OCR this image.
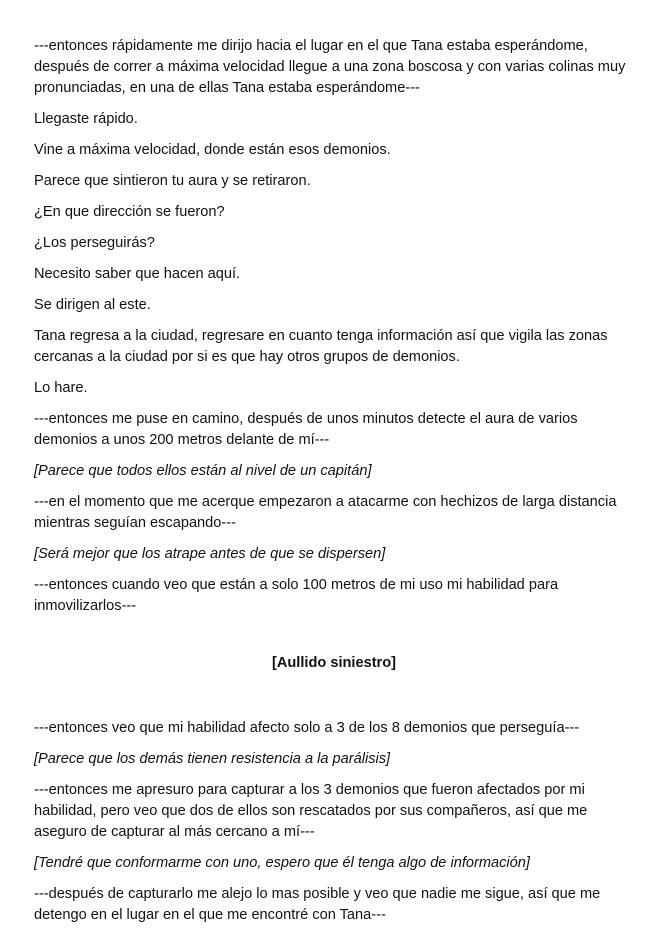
---entonces rápidamente me dirijo hacia el lugar en el que Tana estaba esperándome, después de correr a máxima velocidad llegue a una zona boscosa y con varias colinas muy pronunciadas, en una de ellas Tana estaba esperándome---

Llegaste rápido.

Vine a máxima velocidad, donde están esos demonios.

Parece que sintieron tu aura y se retiraron.

¿En que dirección se fueron?

¿Los perseguirás?

Necesito saber que hacen aquí.

Se dirigen al este.

Tana regresa a la ciudad, regresare en cuanto tenga información así que vigila las zonas cercanas a la ciudad por si es que hay otros grupos de demonios.

Lo hare.

---entonces me puse en camino, después de unos minutos detecte el aura de varios demonios a unos 200 metros delante de mí---

[Parece que todos ellos están al nivel de un capitán]

---en el momento que me acerque empezaron a atacarme con hechizos de larga distancia mientras seguían escapando---

[Será mejor que los atrape antes de que se dispersen]

---entonces cuando veo que están a solo 100 metros de mi uso mi habilidad para inmovilizarlos---

[Aullido siniestro]

---entonces veo que mi habilidad afecto solo a 3 de los 8 demonios que perseguía---

[Parece que los demás tienen resistencia a la parálisis]

---entonces me apresuro para capturar a los 3 demonios que fueron afectados por mi habilidad, pero veo que dos de ellos son rescatados por sus compañeros, así que me aseguro de capturar al más cercano a mí---

[Tendré que conformarme con uno, espero que él tenga algo de información]

---después de capturarlo me alejo lo mas posible y veo que nadie me sigue, así que me detengo en el lugar en el que me encontré con Tana---
